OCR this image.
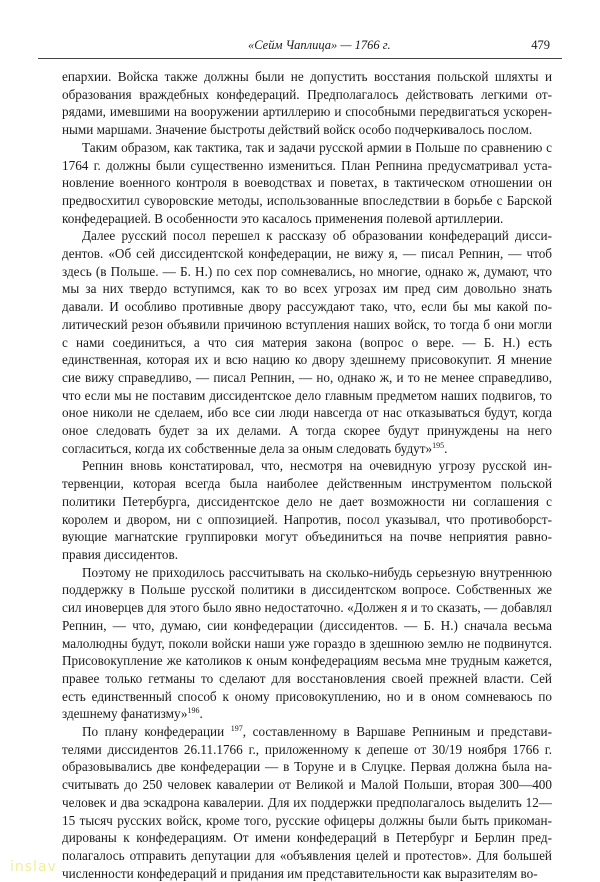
«Сейм Чаплица» — 1766 г.	479

епархии. Войска также должны были не допустить восстания польской шляхты и образования враждебных конфедераций. Предполагалось действовать легкими отрядами, имевшими на вооружении артиллерию и способными передвигаться ускоренными маршами. Значение быстроты действий войск особо подчеркивалось послом.

Таким образом, как тактика, так и задачи русской армии в Польше по сравнению с 1764 г. должны были существенно измениться. План Репнина предусматривал установление военного контроля в воеводствах и поветах, в тактическом отношении он предвосхитил суворовские методы, использованные впоследствии в борьбе с Барской конфедерацией. В особенности это касалось применения полевой артиллерии.

Далее русский посол перешел к рассказу об образовании конфедераций диссидентов. «Об сей диссидентской конфедерации, не вижу я, — писал Репнин, — чтоб здесь (в Польше. — Б. Н.) по сех пор сомневались, но многие, однако ж, думают, что мы за них твердо вступимся, как то во всех угрозах им пред сим довольно знать давали. И особливо противные двору рассуждают тако, что, если бы мы какой политический резон объявили причиною вступления наших войск, то тогда б они могли с нами соединиться, а что сия материя закона (вопрос о вере. — Б. Н.) есть единственная, которая их и всю нацию ко двору здешнему присовокупит. Я мнение сие вижу справедливо, — писал Репнин, — но, однако ж, и то не менее справедливо, что если мы не поставим диссидентское дело главным предметом наших подвигов, то оное николи не сделаем, ибо все сии люди навсегда от нас отказываться будут, когда оное следовать будет за их делами. А тогда скорее будут принуждены на него согласиться, когда их собственные дела за оным следовать будут»$^{195}$.

Репнин вновь констатировал, что, несмотря на очевидную угрозу русской интервенции, которая всегда была наиболее действенным инструментом польской политики Петербурга, диссидентское дело не дает возможности ни соглашения с королем и двором, ни с оппозицией. Напротив, посол указывал, что противоборствующие магнатские группировки могут объединиться на почве неприятия равноправия диссидентов.

Поэтому не приходилось рассчитывать на сколько-нибудь серьезную внутреннюю поддержку в Польше русской политики в диссидентском вопросе. Собственных же сил иноверцев для этого было явно недостаточно. «Должен я и то сказать, — добавлял Репнин, — что, думаю, сии конфедерации (диссидентов. — Б. Н.) сначала весьма малолюдны будут, поколи войски наши уже гораздо в здешнюю землю не подвинутся. Присовокупление же католиков к оным конфедерациям весьма мне трудным кажется, правее только гетманы то сделают для восстановления своей прежней власти. Сей есть единственный способ к оному присовокуплению, но и в оном сомневаюсь по здешнему фанатизму»$^{196}$.

По плану конфедерации $^{197}$, составленному в Варшаве Репниным и представителями диссидентов 26.11.1766 г., приложенному к депеше от 30/19 ноября 1766 г. образовывались две конфедерации — в Торуне и в Слуцке. Первая должна была насчитывать до 250 человек кавалерии от Великой и Малой Польши, вторая 300—400 человек и два эскадрона кавалерии. Для их поддержки предполагалось выделить 12— 15 тысяч русских войск, кроме того, русские офицеры должны были быть прикомандированы к конфедерациям. От имени конфедераций в Петербург и Берлин предполагалось отправить депутации для «объявления целей и протестов». Для большей численности конфедераций и придания им представительности как выразителям во-

inslav
